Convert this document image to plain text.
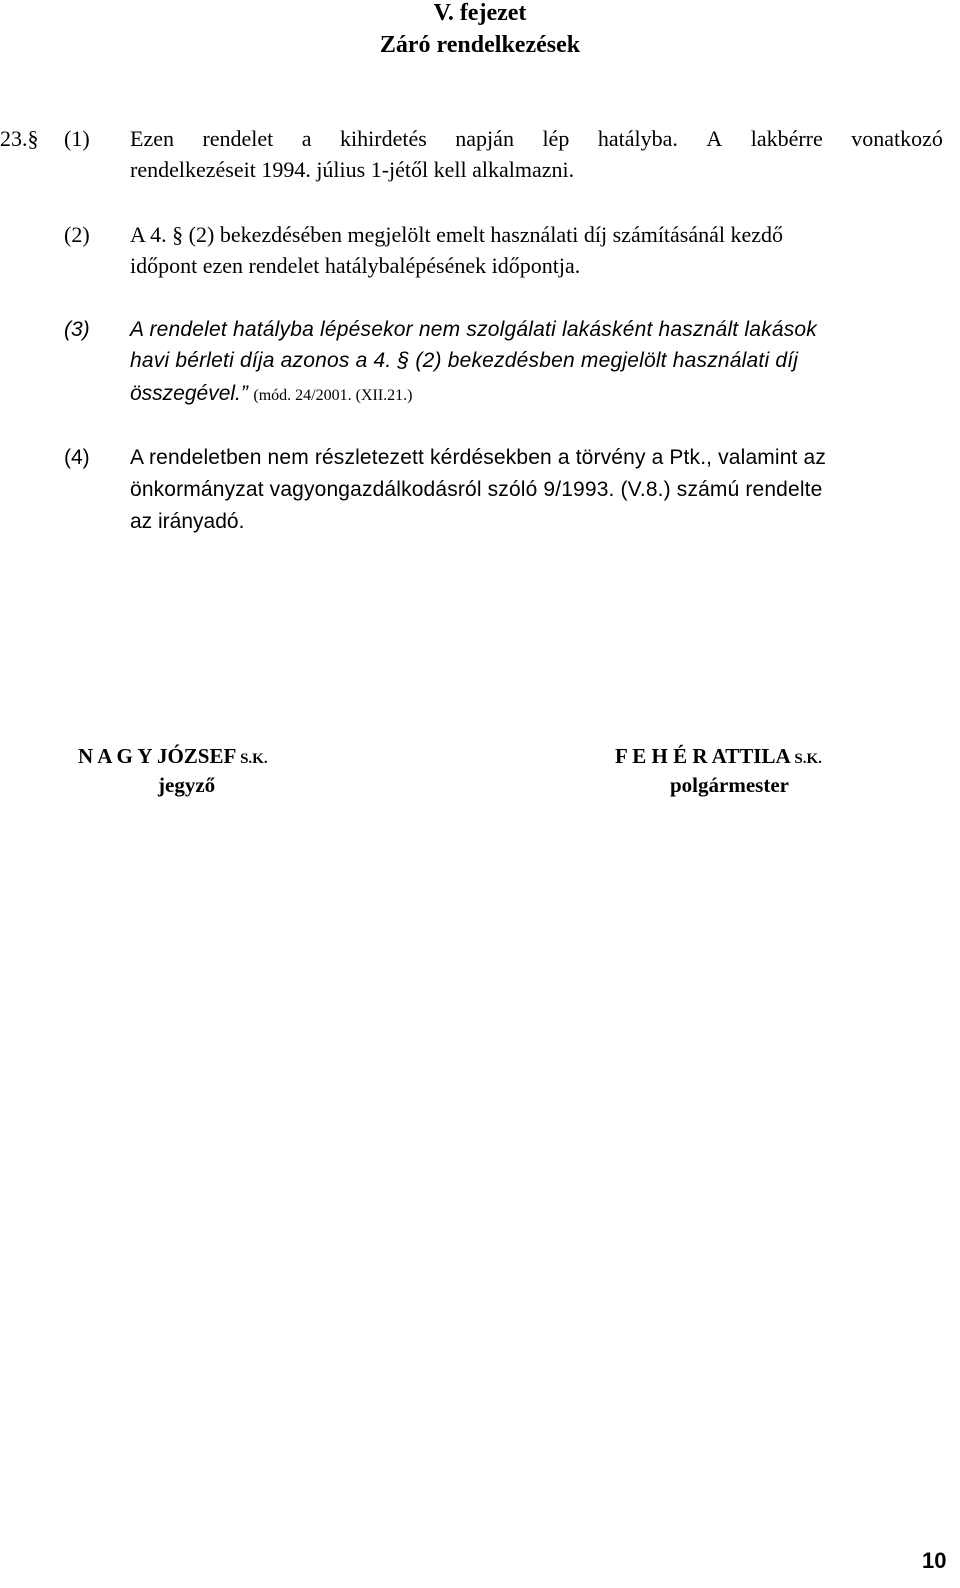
V. fejezet
Záró rendelkezések
23.§ (1) Ezen rendelet a kihirdetés napján lép hatályba. A lakbérre vonatkozó
rendelkezéseit 1994. július 1-jétől kell alkalmazni.
(2) A 4. § (2) bekezdésében megjelölt emelt használati díj számításánál kezdő
időpont ezen rendelet hatálybalépésének időpontja.
(3) A rendelet hatályba lépésekor nem szolgálati lakásként használt lakások
havi bérleti díja azonos a 4. § (2) bekezdésben megjelölt használati díj
összegével.” (mód. 24/2001. (XII.21.)
(4) A rendeletben nem részletezett kérdésekben a törvény a Ptk., valamint az
önkormányzat vagyongazdálkodásról szóló 9/1993. (V.8.) számú rendelte
az irányadó.
N A G Y JÓZSEF S.K.
jegyző
F E H É R ATTILA S.K.
polgármester
10
